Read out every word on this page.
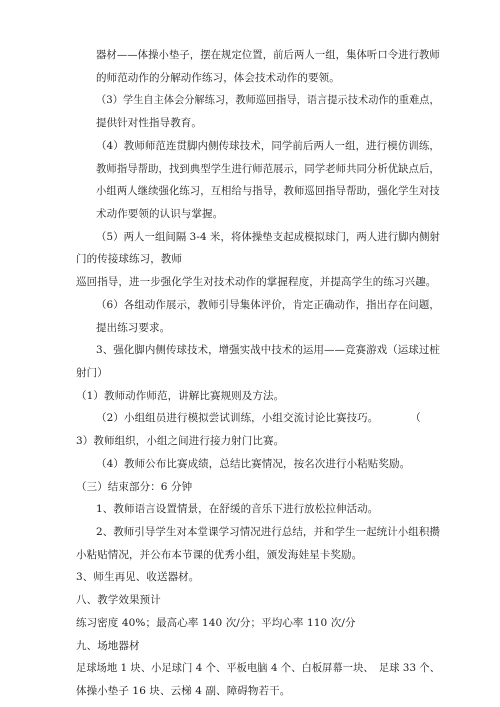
器材——体操小垫子，摆在规定位置，前后两人一组，集体听口令进行教师

的师范动作的分解动作练习，体会技术动作的要领。

（3）学生自主体会分解练习，教师巡回指导，语言提示技术动作的重难点，

提供针对性指导教育。

（4）教师师范连贯脚内侧传球技术，同学前后两人一组，进行模仿训练，

教师指导帮助，找到典型学生进行师范展示，同学老师共同分析优缺点后，

小组两人继续强化练习，互相给与指导，教师巡回指导帮助，强化学生对技

术动作要领的认识与掌握。

（5）两人一组间隔 3-4 米，将体操垫支起成模拟球门，两人进行脚内侧射

门的传接球练习，教师

巡回指导，进一步强化学生对技术动作的掌握程度，并提高学生的练习兴趣。

（6）各组动作展示，教师引导集体评价，肯定正确动作，指出存在问题，

提出练习要求。

3、强化脚内侧传球技术，增强实战中技术的运用——竞赛游戏（运球过桩

射门）

（1）教师动作师范，讲解比赛规则及方法。

（2）小组组员进行模拟尝试训练，小组交流讨论比赛技巧。　　　　（

3）教师组织，小组之间进行接力射门比赛。

（4）教师公布比赛成绩，总结比赛情况，按名次进行小粘贴奖励。

（三）结束部分：6 分钟

1、教师语言设置情景，在舒缓的音乐下进行放松拉伸活动。

2、教师引导学生对本堂课学习情况进行总结，并和学生一起统计小组积攒

小粘贴情况，并公布本节课的优秀小组，颁发海娃星卡奖励。

3、师生再见、收送器材。

八、教学效果预计

练习密度 40%；最高心率 140 次/分；平均心率 110 次/分

九、场地器材

足球场地 1 块、小足球门 4 个、平板电脑 4 个、白板屏幕一块、　足球 33 个、

体操小垫子 16 块、云梯 4 副、障碍物若干。
